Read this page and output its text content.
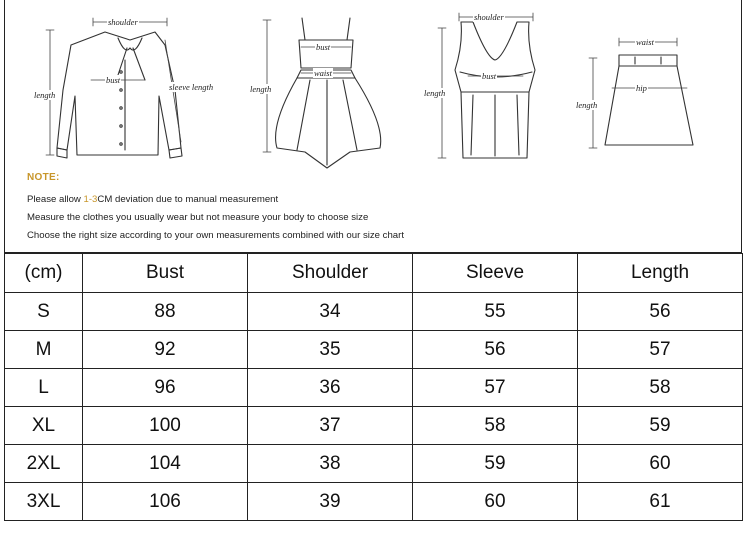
shoulder
bust
sleeve length
length
bust
waist
length
shoulder
bust
length
waist
hip
length
NOTE:
Please allow 1-3CM deviation due to manual measurement
Measure the clothes you usually wear but not measure your body to choose size
Choose the right size according to your own measurements combined with our size chart
(cm)	Bust	Shoulder	Sleeve	Length
S	88	34	55	56
M	92	35	56	57
L	96	36	57	58
XL	100	37	58	59
2XL	104	38	59	60
3XL	106	39	60	61
